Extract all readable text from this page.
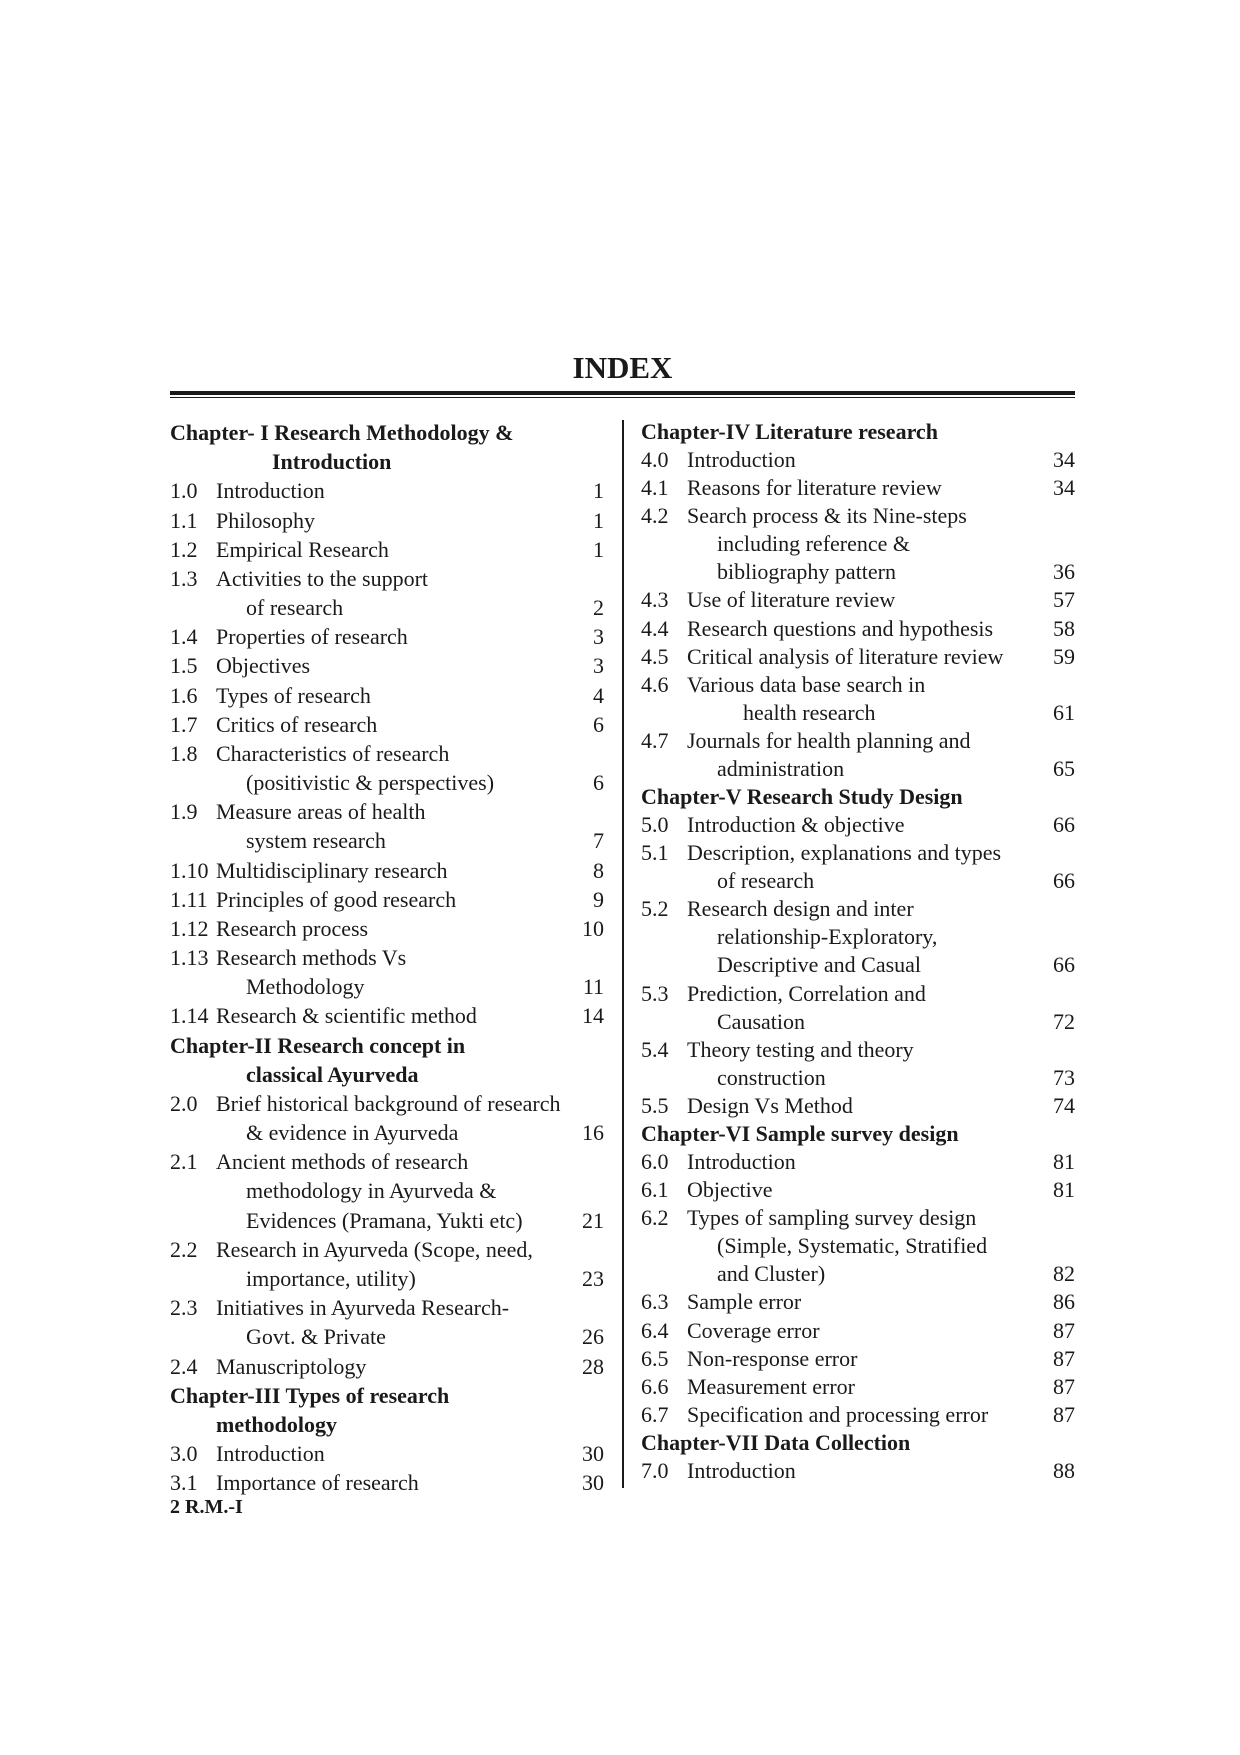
INDEX
Chapter- I Research Methodology &
Introduction
1.0 Introduction	1
1.1 Philosophy	1
1.2 Empirical Research	1
1.3 Activities to the support
of research	2
1.4 Properties of research	3
1.5 Objectives	3
1.6 Types of research	4
1.7 Critics of research	6
1.8 Characteristics of research
(positivistic & perspectives)	6
1.9 Measure areas of health
system research	7
1.10 Multidisciplinary research	8
1.11 Principles of good research	9
1.12 Research process	10
1.13 Research methods Vs
Methodology	11
1.14 Research & scientific method	14
Chapter-II Research concept in
classical Ayurveda
2.0 Brief historical background of research
& evidence in Ayurveda	16
2.1 Ancient methods of research
methodology in Ayurveda &
Evidences (Pramana, Yukti etc)	21
2.2 Research in Ayurveda (Scope, need,
importance, utility)	23
2.3 Initiatives in Ayurveda Research-
Govt. & Private	26
2.4 Manuscriptology	28
Chapter-III Types of research
methodology
3.0 Introduction	30
3.1 Importance of research	30
Chapter-IV Literature research
4.0 Introduction	34
4.1 Reasons for literature review	34
4.2 Search process & its Nine-steps
including reference &
bibliography pattern	36
4.3 Use of literature review	57
4.4 Research questions and hypothesis	58
4.5 Critical analysis of literature review	59
4.6 Various data base search in
health research	61
4.7 Journals for health planning and
administration	65
Chapter-V Research Study Design
5.0 Introduction & objective	66
5.1 Description, explanations and types
of research	66
5.2 Research design and inter
relationship-Exploratory,
Descriptive and Casual	66
5.3 Prediction, Correlation and
Causation	72
5.4 Theory testing and theory
construction	73
5.5 Design Vs Method	74
Chapter-VI Sample survey design
6.0 Introduction	81
6.1 Objective	81
6.2 Types of sampling survey design
(Simple, Systematic, Stratified
and Cluster)	82
6.3 Sample error	86
6.4 Coverage error	87
6.5 Non-response error	87
6.6 Measurement error	87
6.7 Specification and processing error	87
Chapter-VII Data Collection
7.0 Introduction	88
2 R.M.-I
